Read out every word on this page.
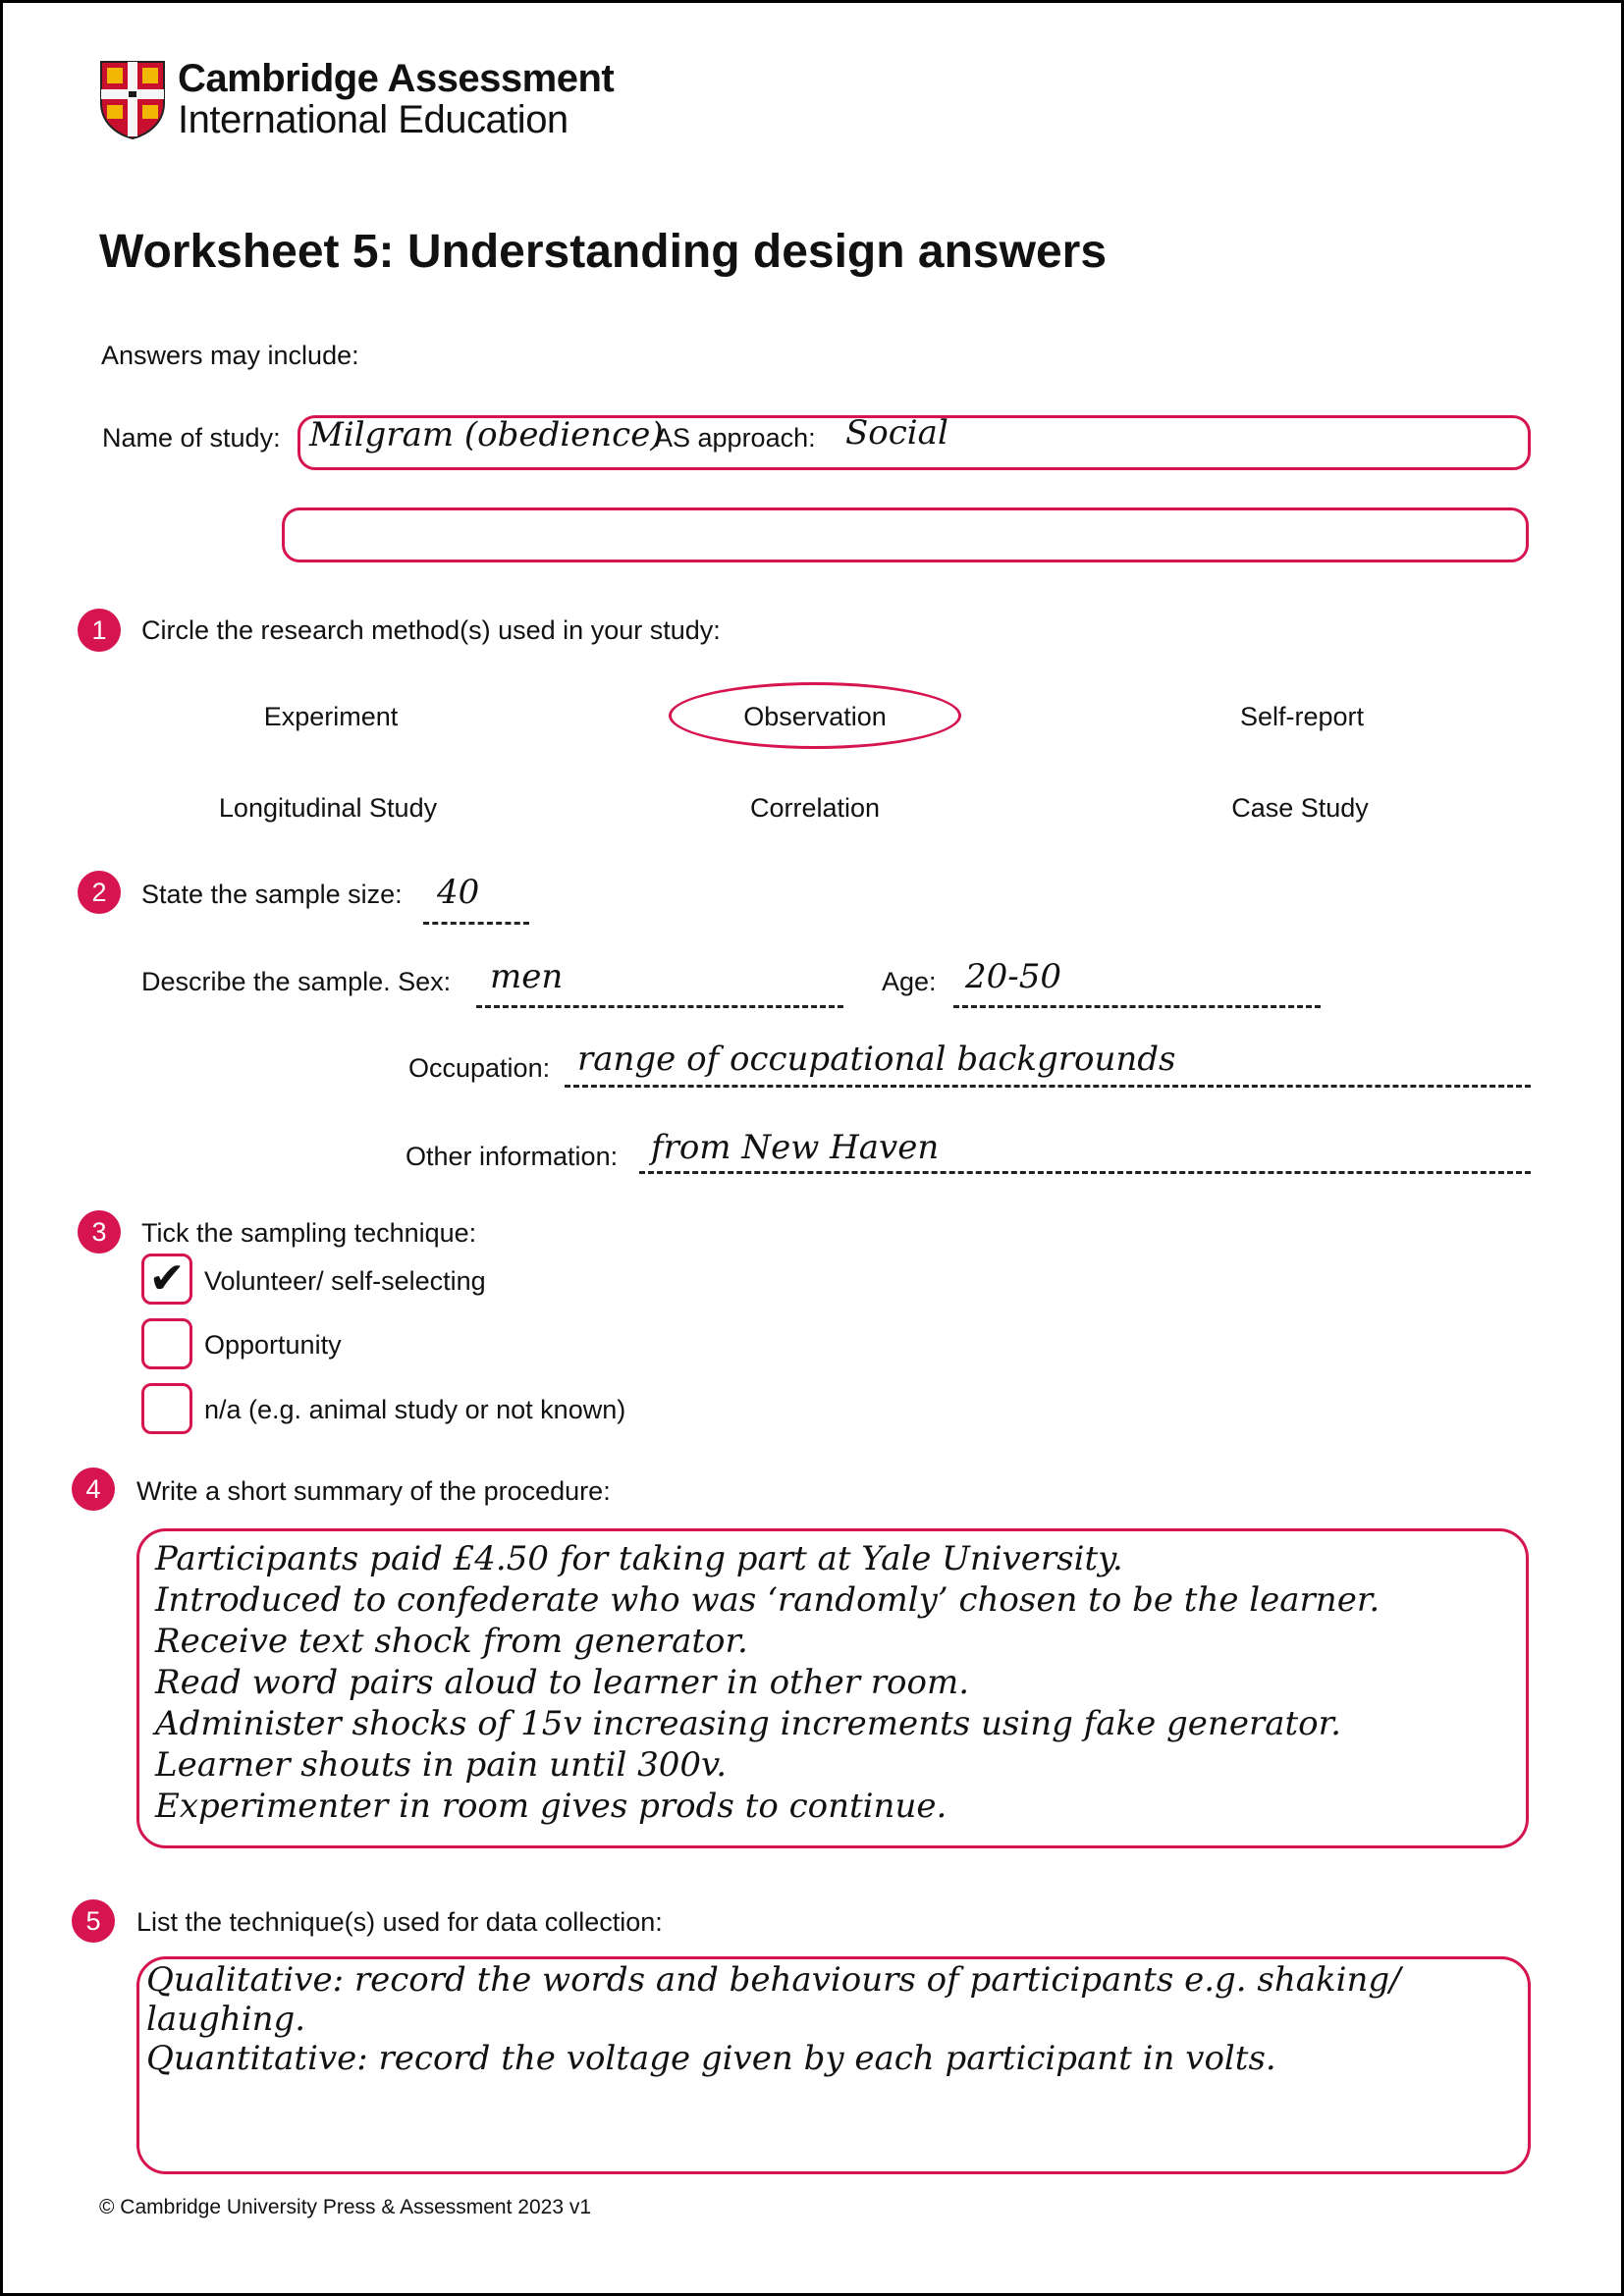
Cambridge Assessment
International Education
Worksheet 5: Understanding design answers
Answers may include:
Name of study: Milgram (obedience)
AS approach: Social
1	Circle the research method(s) used in your study:
Experiment	Observation	Self-report
Longitudinal Study	Correlation	Case Study
2	State the sample size: 40
Describe the sample. Sex: men	Age: 20-50
Occupation: range of occupational backgrounds
Other information: from New Haven
3	Tick the sampling technique:
✔ Volunteer/ self-selecting
Opportunity
n/a (e.g. animal study or not known)
4	Write a short summary of the procedure:
Participants paid £4.50 for taking part at Yale University.
Introduced to confederate who was ‘randomly’ chosen to be the learner.
Receive text shock from generator.
Read word pairs aloud to learner in other room.
Administer shocks of 15v increasing increments using fake generator.
Learner shouts in pain until 300v.
Experimenter in room gives prods to continue.
5	List the technique(s) used for data collection:
Qualitative: record the words and behaviours of participants e.g. shaking/
laughing.
Quantitative: record the voltage given by each participant in volts.
© Cambridge University Press & Assessment 2023 v1
